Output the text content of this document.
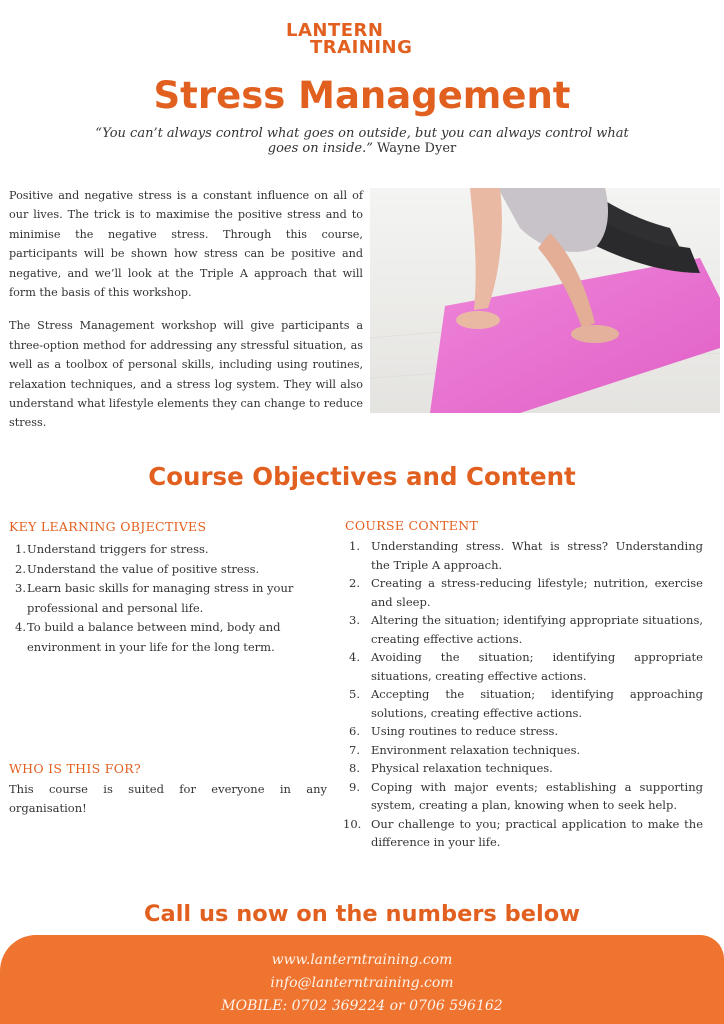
LANTERN
TRAINING
Stress Management
“You can’t always control what goes on outside, but you can always control what goes on inside.” Wayne Dyer

Positive and negative stress is a constant influence on all of our lives. The trick is to maximise the positive stress and to minimise the negative stress. Through this course, participants will be shown how stress can be positive and negative, and we’ll look at the Triple A approach that will form the basis of this workshop.

The Stress Management workshop will give participants a three-option method for addressing any stressful situation, as well as a toolbox of personal skills, including using routines, relaxation techniques, and a stress log system. They will also understand what lifestyle elements they can change to reduce stress.

Course Objectives and Content
KEY LEARNING OBJECTIVES
1. Understand triggers for stress.
2. Understand the value of positive stress.
3. Learn basic skills for managing stress in your professional and personal life.
4. To build a balance between mind, body and environment in your life for the long term.
WHO IS THIS FOR?
This course is suited for everyone in any
organisation!
COURSE CONTENT
1. Understanding stress. What is stress? Understanding the Triple A approach.
2. Creating a stress-reducing lifestyle; nutrition, exercise and sleep.
3. Altering the situation; identifying appropriate situations, creating effective actions.
4. Avoiding the situation; identifying appropriate situations, creating effective actions.
5. Accepting the situation; identifying approaching solutions, creating effective actions.
6. Using routines to reduce stress.
7. Environment relaxation techniques.
8. Physical relaxation techniques.
9. Coping with major events; establishing a supporting system, creating a plan, knowing when to seek help.
10. Our challenge to you; practical application to make the difference in your life.
Call us now on the numbers below
www.lanterntraining.com
info@lanterntraining.com
MOBILE: 0702 369224 or 0706 596162
